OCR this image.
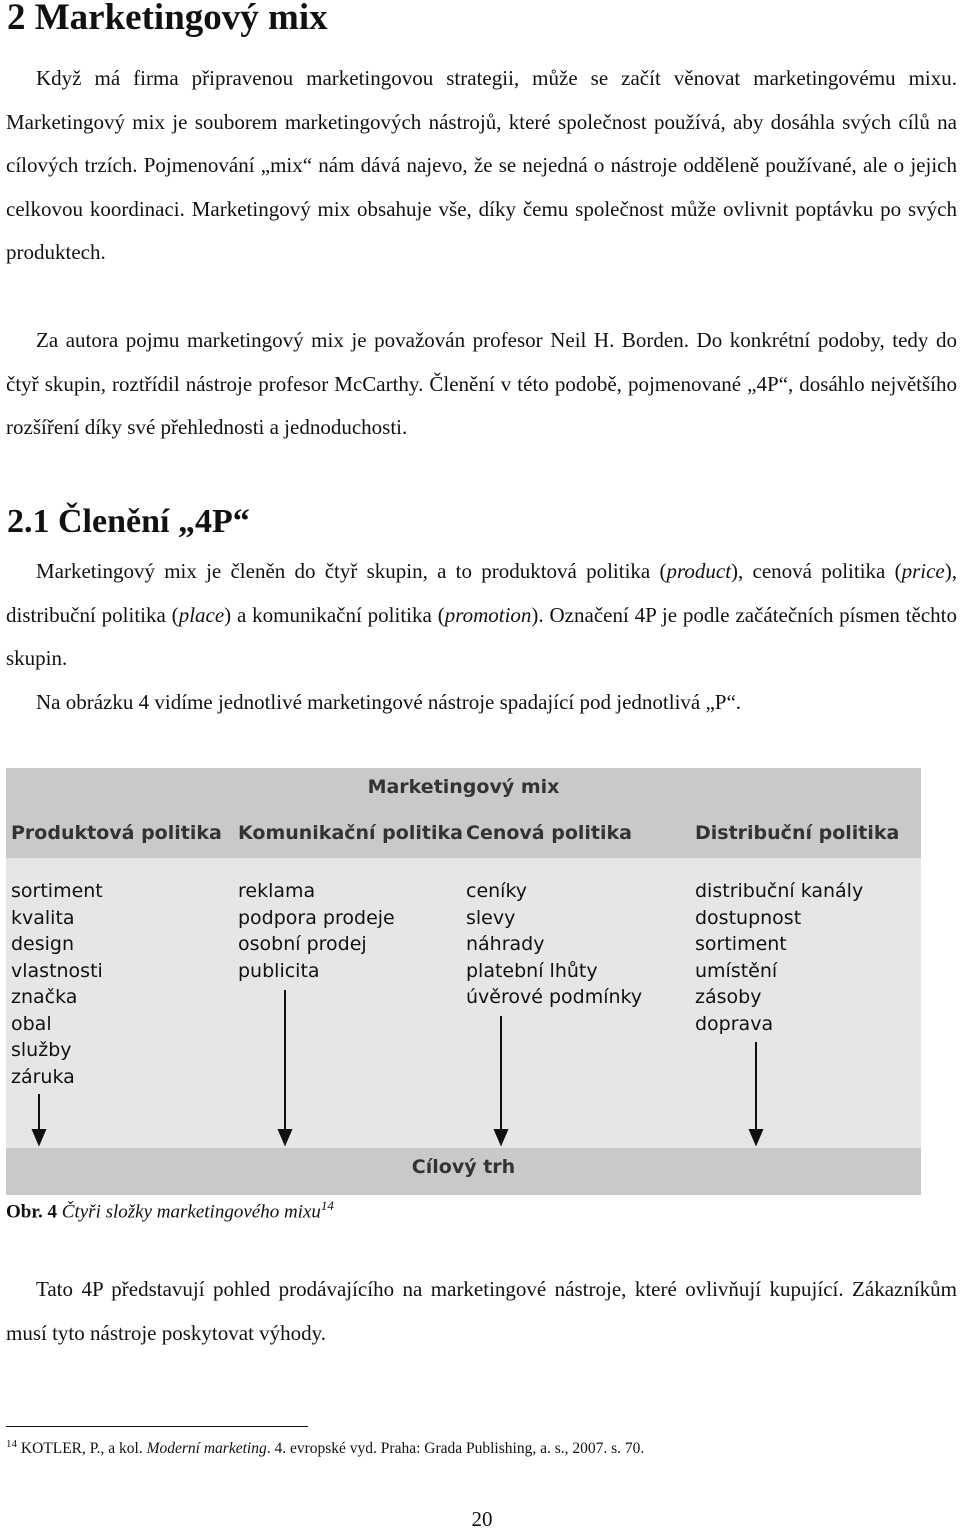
2 Marketingový mix

Když má firma připravenou marketingovou strategii, může se začít věnovat marketingovému mixu. Marketingový mix je souborem marketingových nástrojů, které společnost používá, aby dosáhla svých cílů na cílových trzích. Pojmenování „mix“ nám dává najevo, že se nejedná o nástroje odděleně používané, ale o jejich celkovou koordinaci. Marketingový mix obsahuje vše, díky čemu společnost může ovlivnit poptávku po svých produktech.

Za autora pojmu marketingový mix je považován profesor Neil H. Borden. Do konkrétní podoby, tedy do čtyř skupin, roztřídil nástroje profesor McCarthy. Členění v této podobě, pojmenované „4P“, dosáhlo největšího rozšíření díky své přehlednosti a jednoduchosti.

2.1 Členění „4P“

Marketingový mix je členěn do čtyř skupin, a to produktová politika (product), cenová politika (price), distribuční politika (place) a komunikační politika (promotion). Označení 4P je podle začátečních písmen těchto skupin.

Na obrázku 4 vidíme jednotlivé marketingové nástroje spadající pod jednotlivá „P“.

Marketingový mix
Produktová politika Komunikační politika Cenová politika	Distribuční politika
sortiment
kvalita
design
vlastnosti
značka
obal
služby
záruka
reklama
podpora prodeje
osobní prodej
publicita
ceníky
slevy
náhrady
platební lhůty
úvěrové podmínky
distribuční kanály
dostupnost
sortiment
umístění
zásoby
doprava
Cílový trh

Obr. 4 Čtyři složky marketingového mixu$^{14}$

Tato 4P představují pohled prodávajícího na marketingové nástroje, které ovlivňují kupující. Zákazníkům musí tyto nástroje poskytovat výhody.

$^{14}$ KOTLER, P., a kol. Moderní marketing. 4. evropské vyd. Praha: Grada Publishing, a. s., 2007. s. 70.

20
